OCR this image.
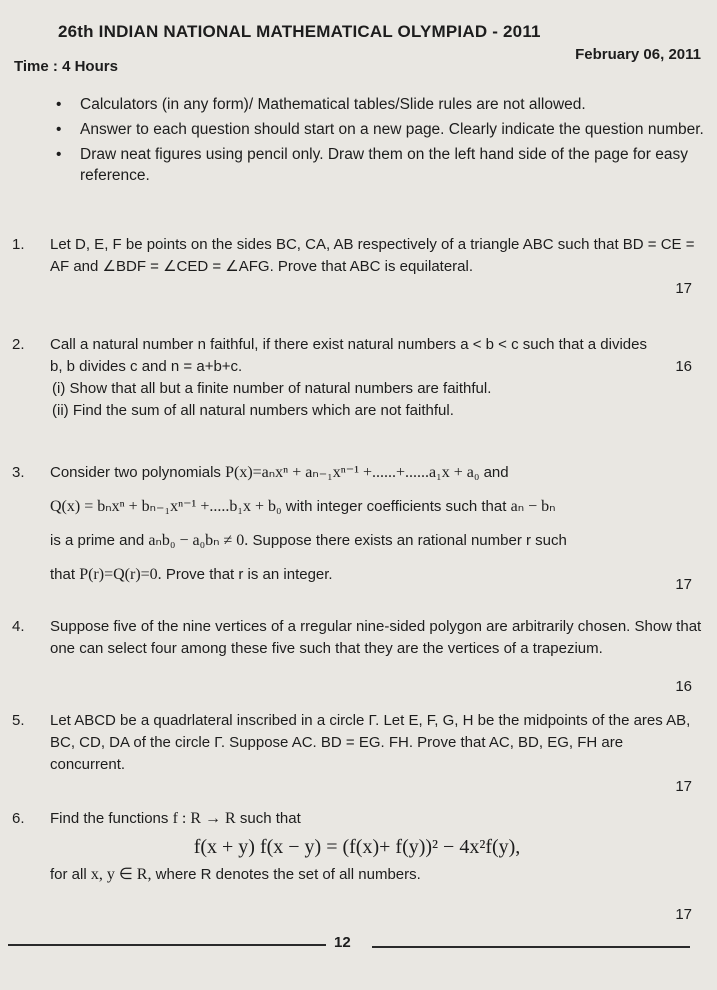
26th INDIAN NATIONAL MATHEMATICAL OLYMPIAD - 2011
Time : 4 Hours
February 06, 2011
• Calculators (in any form)/ Mathematical tables/Slide rules are not allowed.
• Answer to each question should start on a new page. Clearly indicate the question number.
• Draw neat figures using pencil only. Draw them on the left hand side of the page for easy reference.
1. Let D, E, F be points on the sides BC, CA, AB respectively of a triangle ABC such that BD = CE = AF and ∠BDF = ∠CED = ∠AFG. Prove that ABC is equilateral.
17
2. Call a natural number n faithful, if there exist natural numbers a < b < c such that a divides b, b divides c and n = a+b+c.	16
(i) Show that all but a finite number of natural numbers are faithful.
(ii) Find the sum of all natural numbers which are not faithful.
3. Consider two polynomials P(x)=aₙxⁿ + aₙ₋₁xⁿ⁻¹ +......+......a₁x + a₀ and
Q(x) = bₙxⁿ + bₙ₋₁xⁿ⁻¹ +.....b₁x + b₀ with integer coefficients such that aₙ − bₙ
is a prime and aₙb₀ − a₀bₙ ≠ 0. Suppose there exists an rational number r such
that P(r)=Q(r)=0. Prove that r is an integer.
17
4. Suppose five of the nine vertices of a rregular nine-sided polygon are arbitrarily chosen. Show that one can select four among these five such that they are the vertices of a trapezium.
16
5. Let ABCD be a quadrlateral inscribed in a circle Γ. Let E, F, G, H be the midpoints of the ares AB, BC, CD, DA of the circle Γ. Suppose AC. BD = EG. FH. Prove that AC, BD, EG, FH are concurrent.
17
6. Find the functions f : R → R such that
f(x + y) f(x − y) = (f(x)+ f(y))² − 4x²f(y),
for all x, y ∈ R, where R denotes the set of all numbers.
17
12
